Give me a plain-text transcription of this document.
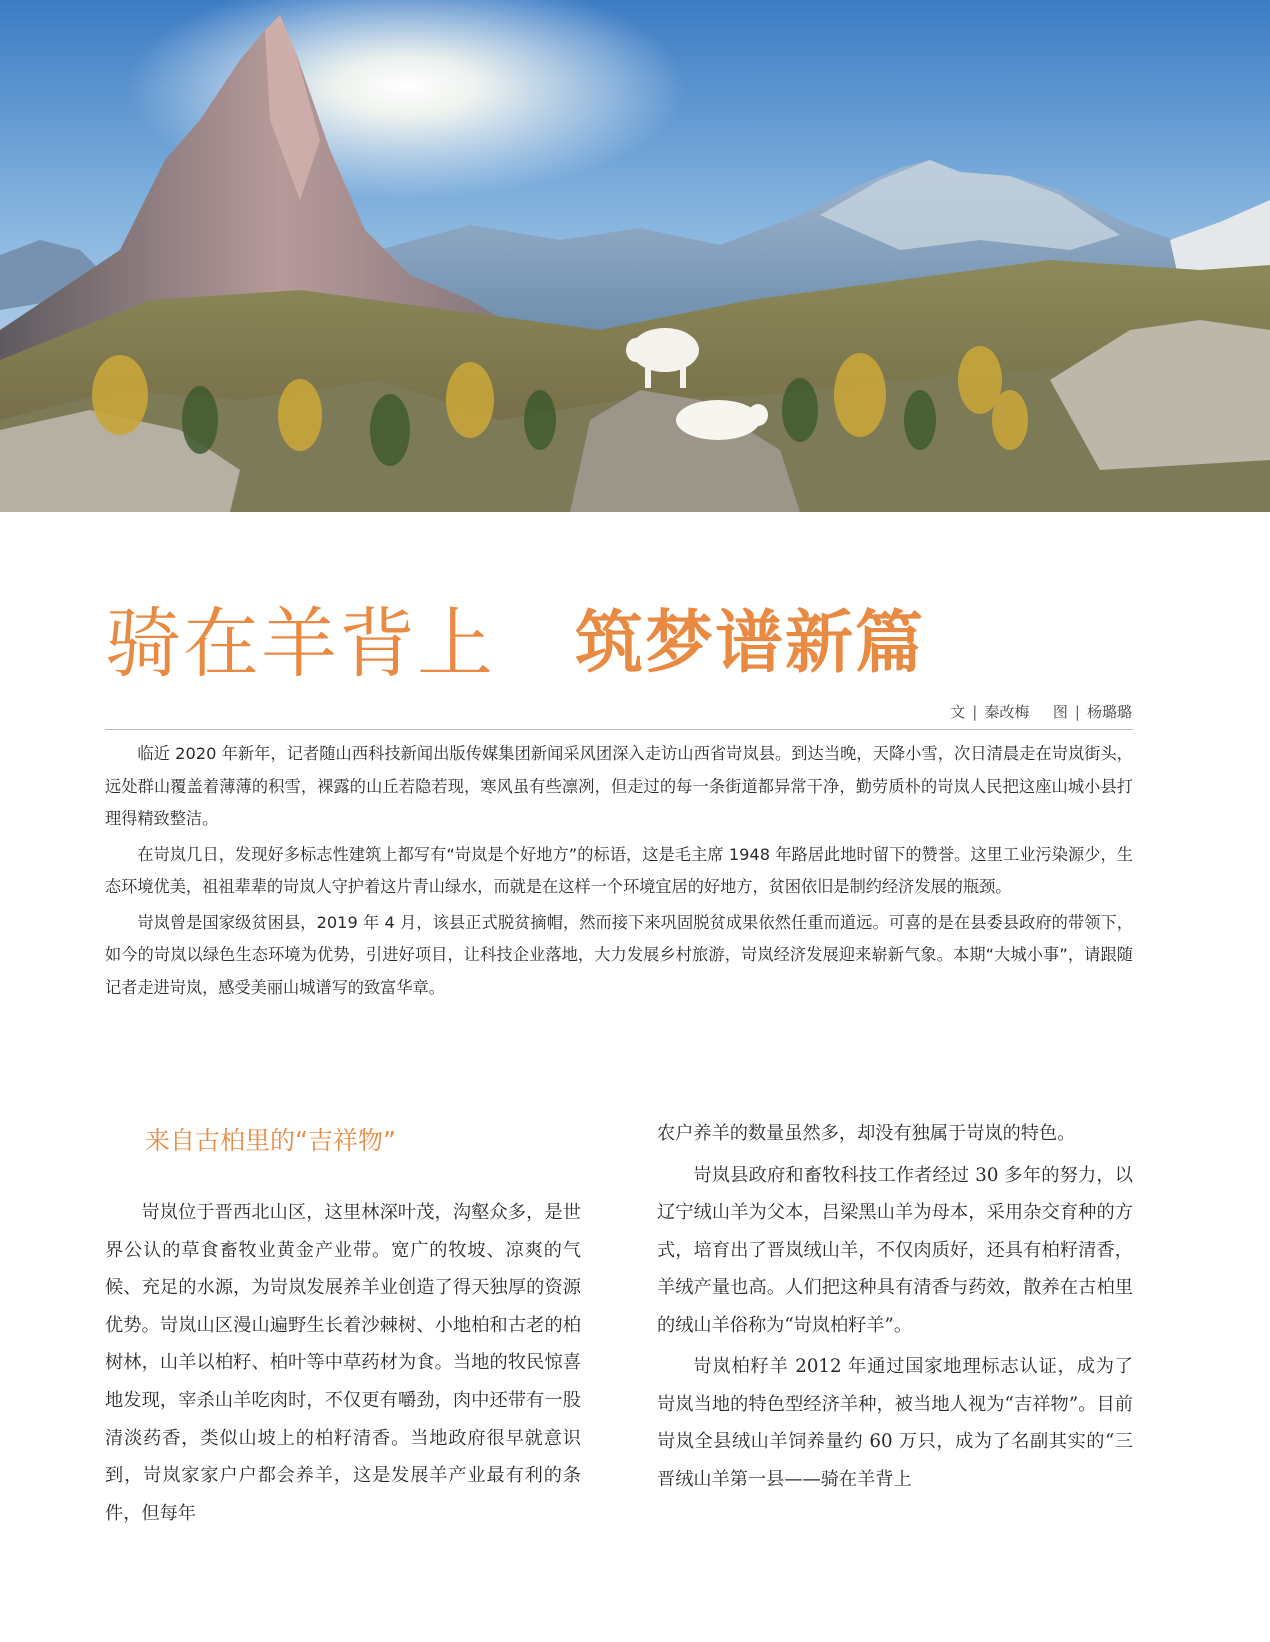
骑在羊背上 筑梦谱新篇
文 | 秦改梅 图 | 杨璐璐

临近 2020 年新年，记者随山西科技新闻出版传媒集团新闻采风团深入走访山西省岢岚县。到达当晚，天降小雪，次日清晨走在岢岚街头，远处群山覆盖着薄薄的积雪，裸露的山丘若隐若现，寒风虽有些凛冽，但走过的每一条街道都异常干净，勤劳质朴的岢岚人民把这座山城小县打理得精致整洁。

在岢岚几日，发现好多标志性建筑上都写有“岢岚是个好地方”的标语，这是毛主席 1948 年路居此地时留下的赞誉。这里工业污染源少，生态环境优美，祖祖辈辈的岢岚人守护着这片青山绿水，而就是在这样一个环境宜居的好地方，贫困依旧是制约经济发展的瓶颈。

岢岚曾是国家级贫困县，2019 年 4 月，该县正式脱贫摘帽，然而接下来巩固脱贫成果依然任重而道远。可喜的是在县委县政府的带领下，如今的岢岚以绿色生态环境为优势，引进好项目，让科技企业落地，大力发展乡村旅游，岢岚经济发展迎来崭新气象。本期“大城小事”，请跟随记者走进岢岚，感受美丽山城谱写的致富华章。

来自古柏里的“吉祥物”

岢岚位于晋西北山区，这里林深叶茂，沟壑众多，是世界公认的草食畜牧业黄金产业带。宽广的牧坡、凉爽的气候、充足的水源，为岢岚发展养羊业创造了得天独厚的资源优势。岢岚山区漫山遍野生长着沙棘树、小地柏和古老的柏树林，山羊以柏籽、柏叶等中草药材为食。当地的牧民惊喜地发现，宰杀山羊吃肉时，不仅更有嚼劲，肉中还带有一股清淡药香，类似山坡上的柏籽清香。当地政府很早就意识到，岢岚家家户户都会养羊，这是发展羊产业最有利的条件，但每年

农户养羊的数量虽然多，却没有独属于岢岚的特色。

岢岚县政府和畜牧科技工作者经过 30 多年的努力，以辽宁绒山羊为父本，吕梁黑山羊为母本，采用杂交育种的方式，培育出了晋岚绒山羊，不仅肉质好，还具有柏籽清香，羊绒产量也高。人们把这种具有清香与药效，散养在古柏里的绒山羊俗称为“岢岚柏籽羊”。

岢岚柏籽羊 2012 年通过国家地理标志认证，成为了岢岚当地的特色型经济羊种，被当地人视为“吉祥物”。目前岢岚全县绒山羊饲养量约 60 万只，成为了名副其实的“三晋绒山羊第一县——骑在羊背上
